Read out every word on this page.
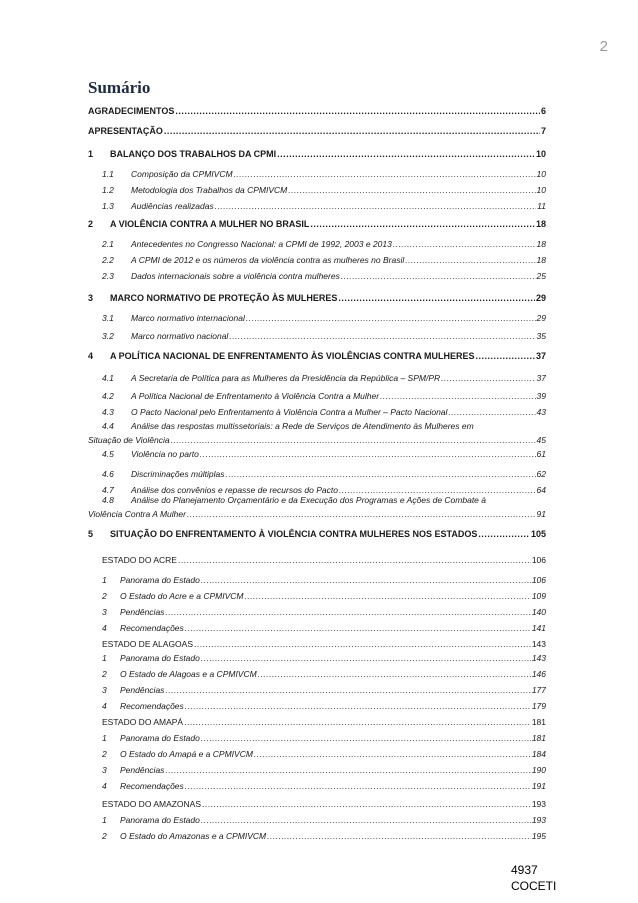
2
Sumário
AGRADECIMENTOS .....	6
APRESENTAÇÃO .....	7
1	BALANÇO DOS TRABALHOS DA CPMI .....	10
1.1	Composição da CPMIVCM .....	10
1.2	Metodologia dos Trabalhos da CPMIVCM .....	10
1.3	Audiências realizadas .....	11
2	A VIOLÊNCIA CONTRA A MULHER NO BRASIL .....	18
2.1	Antecedentes no Congresso Nacional: a CPMI de 1992, 2003 e 2013 .....	18
2.2	A CPMI de 2012 e os números da violência contra as mulheres no Brasil .....	18
2.3	Dados internacionais sobre a violência contra mulheres .....	25
3	MARCO NORMATIVO DE PROTEÇÃO ÀS MULHERES .....	29
3.1	Marco normativo internacional .....	29
3.2	Marco normativo nacional .....	35
4	A POLÍTICA NACIONAL DE ENFRENTAMENTO ÀS VIOLÊNCIAS CONTRA MULHERES .....	37
4.1	A Secretaria de Política para as Mulheres da Presidência da República – SPM/PR .....	37
4.2	A Política Nacional de Enfrentamento à Violência Contra a Mulher .....	39
4.3	O Pacto Nacional pelo Enfrentamento à Violência Contra a Mulher – Pacto Nacional .....	43
4.4 Análise das respostas multissetoriais: a Rede de Serviços de Atendimento às Mulheres em
Situação de Violência .....	45
4.5	Violência no parto .....	61
4.6	Discriminações múltiplas .....	62
4.7	Análise dos convênios e repasse de recursos do Pacto .....	64
4.8 Análise do Planejamento Orçamentário e da Execução dos Programas e Ações de Combate à
Violência Contra A Mulher .....	91
5	SITUAÇÃO DO ENFRENTAMENTO À VIOLÊNCIA CONTRA MULHERES NOS ESTADOS .....	105
ESTADO DO ACRE .....	106
1	Panorama do Estado .....	106
2	O Estado do Acre e a CPMIVCM .....	109
3	Pendências .....	140
4	Recomendações .....	141
ESTADO DE ALAGOAS .....	143
1	Panorama do Estado .....	143
2	O Estado de Alagoas e a CPMIVCM .....	146
3	Pendências .....	177
4	Recomendações .....	179
ESTADO DO AMAPÁ .....	181
1	Panorama do Estado .....	181
2	O Estado do Amapá e a CPMIVCM .....	184
3	Pendências .....	190
4	Recomendações .....	191
ESTADO DO AMAZONAS .....	193
1	Panorama do Estado .....	193
2	O Estado do Amazonas e a CPMIVCM .....	195
4937
COCETI
